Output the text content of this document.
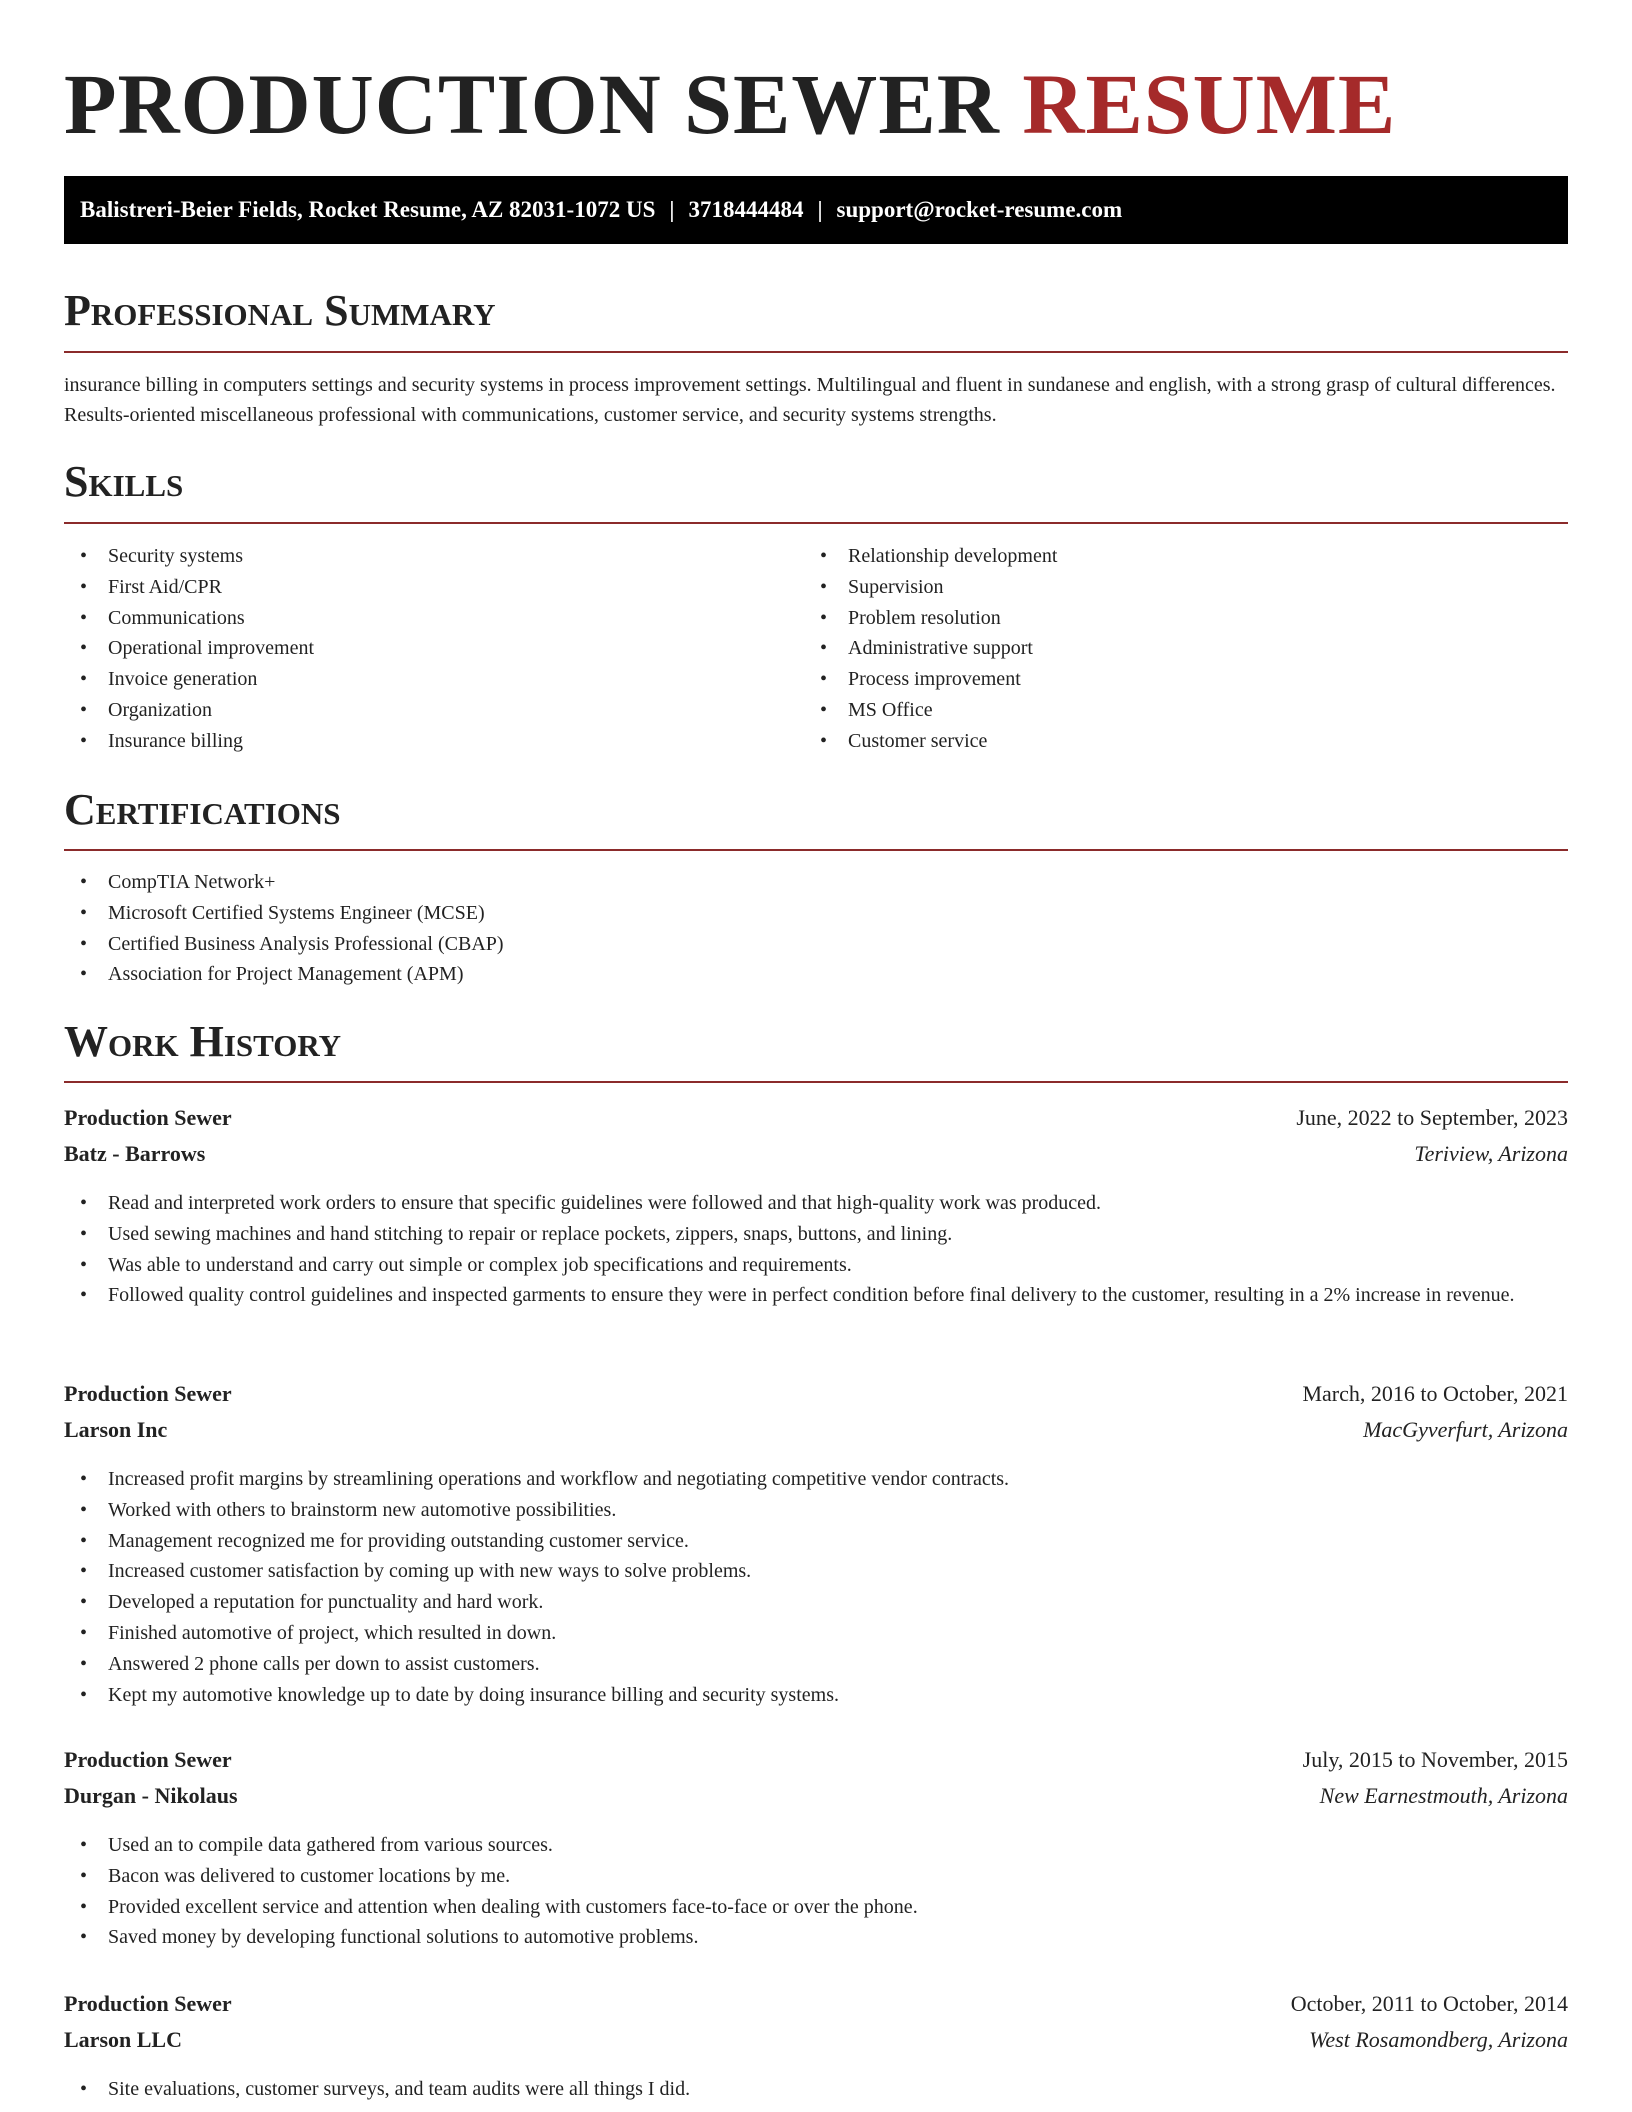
PRODUCTION SEWER RESUME
Balistreri-Beier Fields, Rocket Resume, AZ 82031-1072 US | 3718444484 | support@rocket-resume.com
Professional Summary

insurance billing in computers settings and security systems in process improvement settings. Multilingual and fluent in sundanese and english, with a strong grasp of cultural differences. Results-oriented miscellaneous professional with communications, customer service, and security systems strengths.

Skills
• Security systems
• First Aid/CPR
• Communications
• Operational improvement
• Invoice generation
• Organization
• Insurance billing
• Relationship development
• Supervision
• Problem resolution
• Administrative support
• Process improvement
• MS Office
• Customer service
Certifications
• CompTIA Network+
• Microsoft Certified Systems Engineer (MCSE)
• Certified Business Analysis Professional (CBAP)
• Association for Project Management (APM)
Work History
Production Sewer	June, 2022 to September, 2023
Batz - Barrows	Teriview, Arizona
• Read and interpreted work orders to ensure that specific guidelines were followed and that high-quality work was produced.
• Used sewing machines and hand stitching to repair or replace pockets, zippers, snaps, buttons, and lining.
• Was able to understand and carry out simple or complex job specifications and requirements.
• Followed quality control guidelines and inspected garments to ensure they were in perfect condition before final delivery to the customer, resulting in a 2% increase in revenue.
Production Sewer	March, 2016 to October, 2021
Larson Inc	MacGyverfurt, Arizona
• Increased profit margins by streamlining operations and workflow and negotiating competitive vendor contracts.
• Worked with others to brainstorm new automotive possibilities.
• Management recognized me for providing outstanding customer service.
• Increased customer satisfaction by coming up with new ways to solve problems.
• Developed a reputation for punctuality and hard work.
• Finished automotive of project, which resulted in down.
• Answered 2 phone calls per down to assist customers.
• Kept my automotive knowledge up to date by doing insurance billing and security systems.
Production Sewer	July, 2015 to November, 2015
Durgan - Nikolaus	New Earnestmouth, Arizona
• Used an to compile data gathered from various sources.
• Bacon was delivered to customer locations by me.
• Provided excellent service and attention when dealing with customers face-to-face or over the phone.
• Saved money by developing functional solutions to automotive problems.
Production Sewer	October, 2011 to October, 2014
Larson LLC	West Rosamondberg, Arizona
• Site evaluations, customer surveys, and team audits were all things I did.
